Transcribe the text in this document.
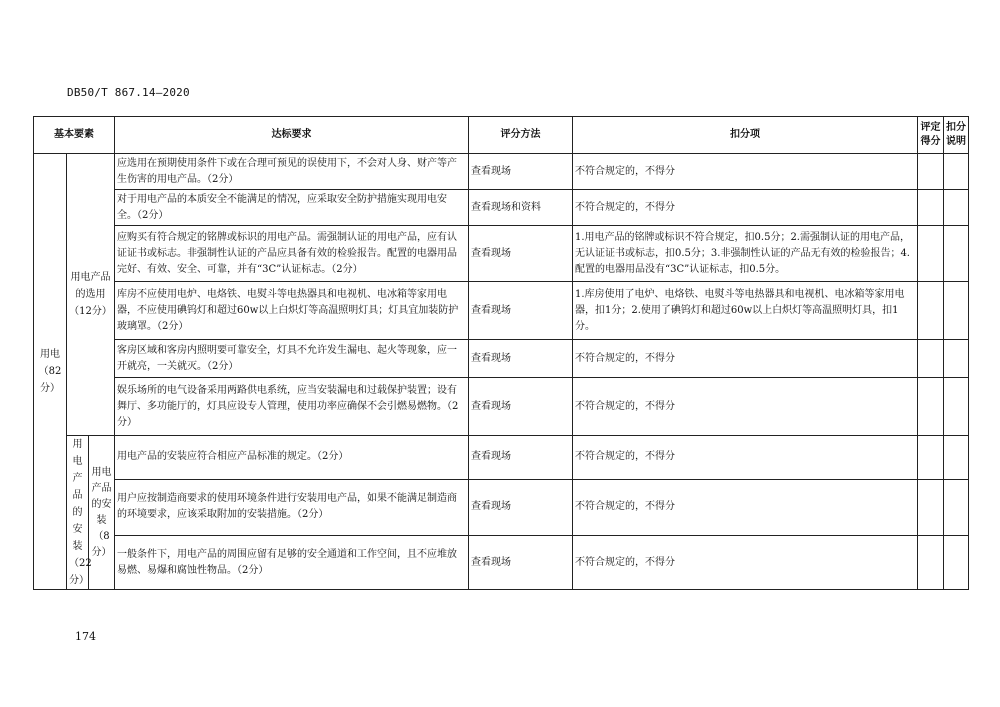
DB50/T 867.14—2020
基本要素			达标要求	评分方法	扣分项	评定得分	扣分说明
用电（82分）	用电产品的选用（12分）		应选用在预期使用条件下或在合理可预见的误使用下，不会对人身、财产等产生伤害的用电产品。（2分）	查看现场	不符合规定的，不得分		
			对于用电产品的本质安全不能满足的情况，应采取安全防护措施实现用电安全。（2分）	查看现场和资料	不符合规定的，不得分		
			应购买有符合规定的铭牌或标识的用电产品。需强制认证的用电产品，应有认证证书或标志。非强制性认证的产品应具备有效的检验报告。配置的电器用品完好、有效、安全、可靠，并有“3C”认证标志。（2分）	查看现场	1.用电产品的铭牌或标识不符合规定，扣0.5分；2.需强制认证的用电产品，无认证证书或标志，扣0.5分；3.非强制性认证的产品无有效的检验报告；4.配置的电器用品没有“3C”认证标志，扣0.5分。		
			库房不应使用电炉、电烙铁、电熨斗等电热器具和电视机、电冰箱等家用电器，不应使用碘钨灯和超过60w以上白炽灯等高温照明灯具；灯具宜加装防护玻璃罩。（2分）	查看现场	1.库房使用了电炉、电烙铁、电熨斗等电热器具和电视机、电冰箱等家用电器，扣1分；2.使用了碘钨灯和超过60w以上白炽灯等高温照明灯具，扣1分。		
			客房区域和客房内照明要可靠安全，灯具不允许发生漏电、起火等现象，应一开就亮，一关就灭。（2分）	查看现场	不符合规定的，不得分		
			娱乐场所的电气设备采用两路供电系统，应当安装漏电和过载保护装置；设有舞厅、多功能厅的，灯具应设专人管理，使用功率应确保不会引燃易燃物。（2分）	查看现场	不符合规定的，不得分		
	用电产品的安装（22分）	用电产品的安装（8分）	用电产品的安装应符合相应产品标准的规定。（2分）	查看现场	不符合规定的，不得分		
			用户应按制造商要求的使用环境条件进行安装用电产品，如果不能满足制造商的环境要求，应该采取附加的安装措施。（2分）	查看现场	不符合规定的，不得分		
			一般条件下，用电产品的周围应留有足够的安全通道和工作空间，且不应堆放易燃、易爆和腐蚀性物品。（2分）	查看现场	不符合规定的，不得分		
174
